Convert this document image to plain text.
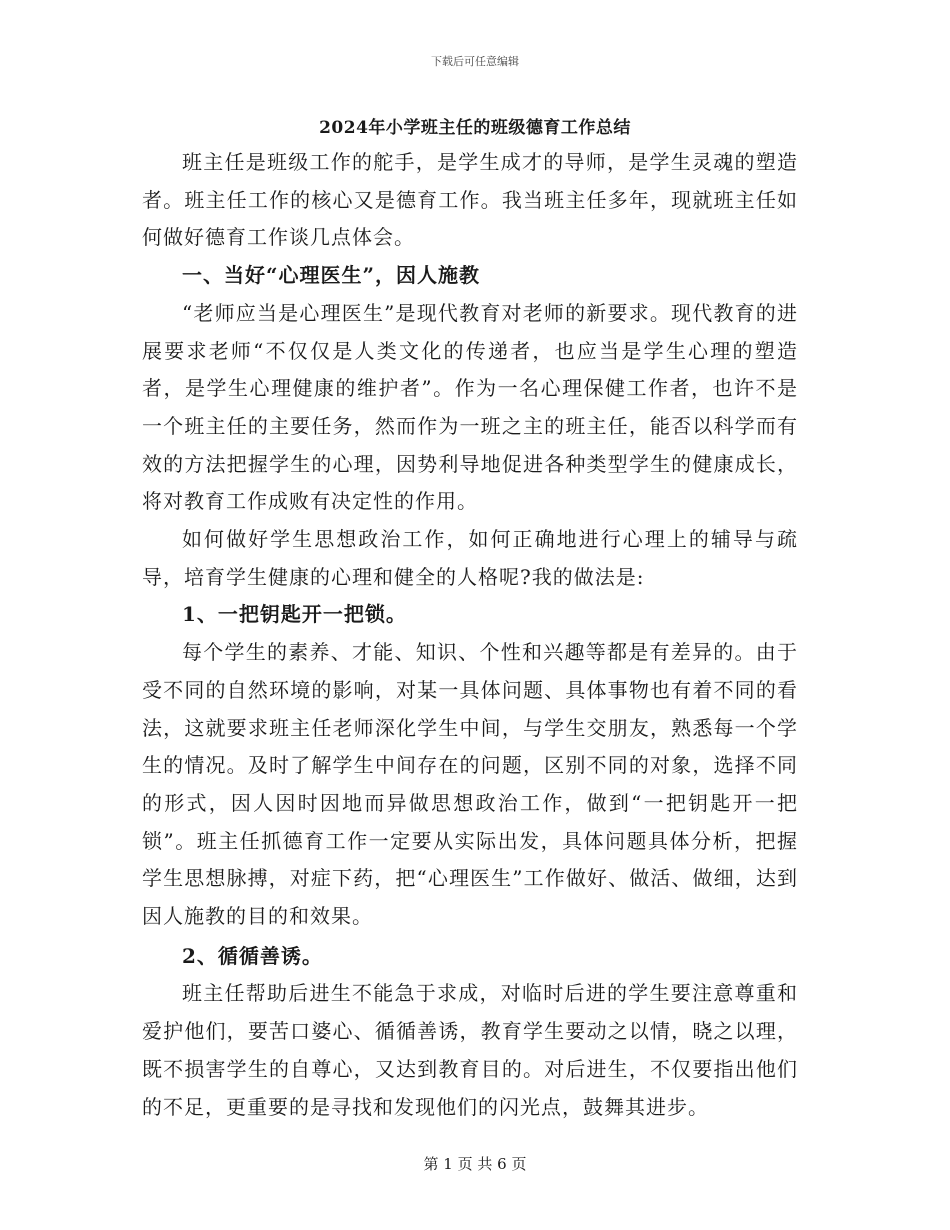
下载后可任意编辑
2024年小学班主任的班级德育工作总结

班主任是班级工作的舵手，是学生成才的导师，是学生灵魂的塑造者。班主任工作的核心又是德育工作。我当班主任多年，现就班主任如何做好德育工作谈几点体会。

一、当好“心理医生”，因人施教

“老师应当是心理医生”是现代教育对老师的新要求。现代教育的进展要求老师“不仅仅是人类文化的传递者，也应当是学生心理的塑造者，是学生心理健康的维护者”。作为一名心理保健工作者，也许不是一个班主任的主要任务，然而作为一班之主的班主任，能否以科学而有效的方法把握学生的心理，因势利导地促进各种类型学生的健康成长，将对教育工作成败有决定性的作用。

如何做好学生思想政治工作，如何正确地进行心理上的辅导与疏导，培育学生健康的心理和健全的人格呢?我的做法是:

1、一把钥匙开一把锁。

每个学生的素养、才能、知识、个性和兴趣等都是有差异的。由于受不同的自然环境的影响，对某一具体问题、具体事物也有着不同的看法，这就要求班主任老师深化学生中间，与学生交朋友，熟悉每一个学生的情况。及时了解学生中间存在的问题，区别不同的对象，选择不同的形式，因人因时因地而异做思想政治工作，做到“一把钥匙开一把锁”。班主任抓德育工作一定要从实际出发，具体问题具体分析，把握学生思想脉搏，对症下药，把“心理医生”工作做好、做活、做细，达到因人施教的目的和效果。

2、循循善诱。

班主任帮助后进生不能急于求成，对临时后进的学生要注意尊重和爱护他们，要苦口婆心、循循善诱，教育学生要动之以情，晓之以理，既不损害学生的自尊心，又达到教育目的。对后进生，不仅要指出他们的不足，更重要的是寻找和发现他们的闪光点，鼓舞其进步。

第 1 页 共 6 页
